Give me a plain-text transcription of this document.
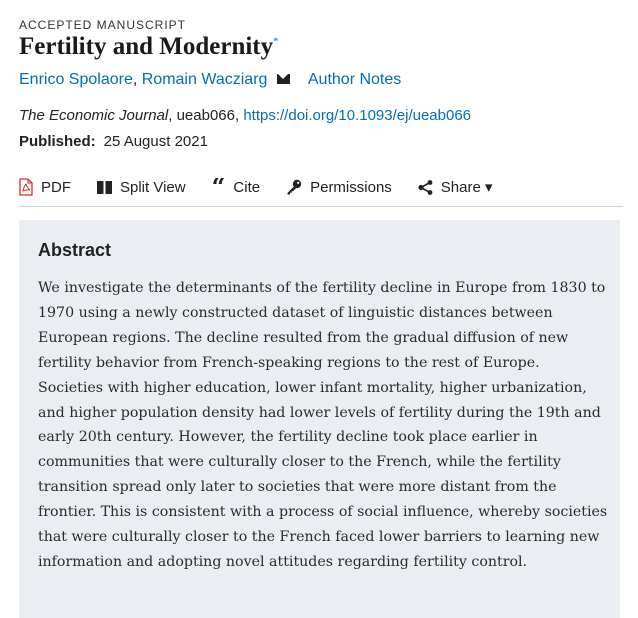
ACCEPTED MANUSCRIPT
Fertility and Modernity*
Enrico Spolaore, Romain Wacziarg	Author Notes
The Economic Journal, ueab066, https://doi.org/10.1093/ej/ueab066
Published: 25 August 2021
PDF	Split View “ Cite	Permissions	Share ▾
Abstract

We investigate the determinants of the fertility decline in Europe from 1830 to 1970 using a newly constructed dataset of linguistic distances between European regions. The decline resulted from the gradual diffusion of new fertility behavior from French-speaking regions to the rest of Europe. Societies with higher education, lower infant mortality, higher urbanization, and higher population density had lower levels of fertility during the 19th and early 20th century. However, the fertility decline took place earlier in communities that were culturally closer to the French, while the fertility transition spread only later to societies that were more distant from the frontier. This is consistent with a process of social influence, whereby societies that were culturally closer to the French faced lower barriers to learning new information and adopting novel attitudes regarding fertility control.
